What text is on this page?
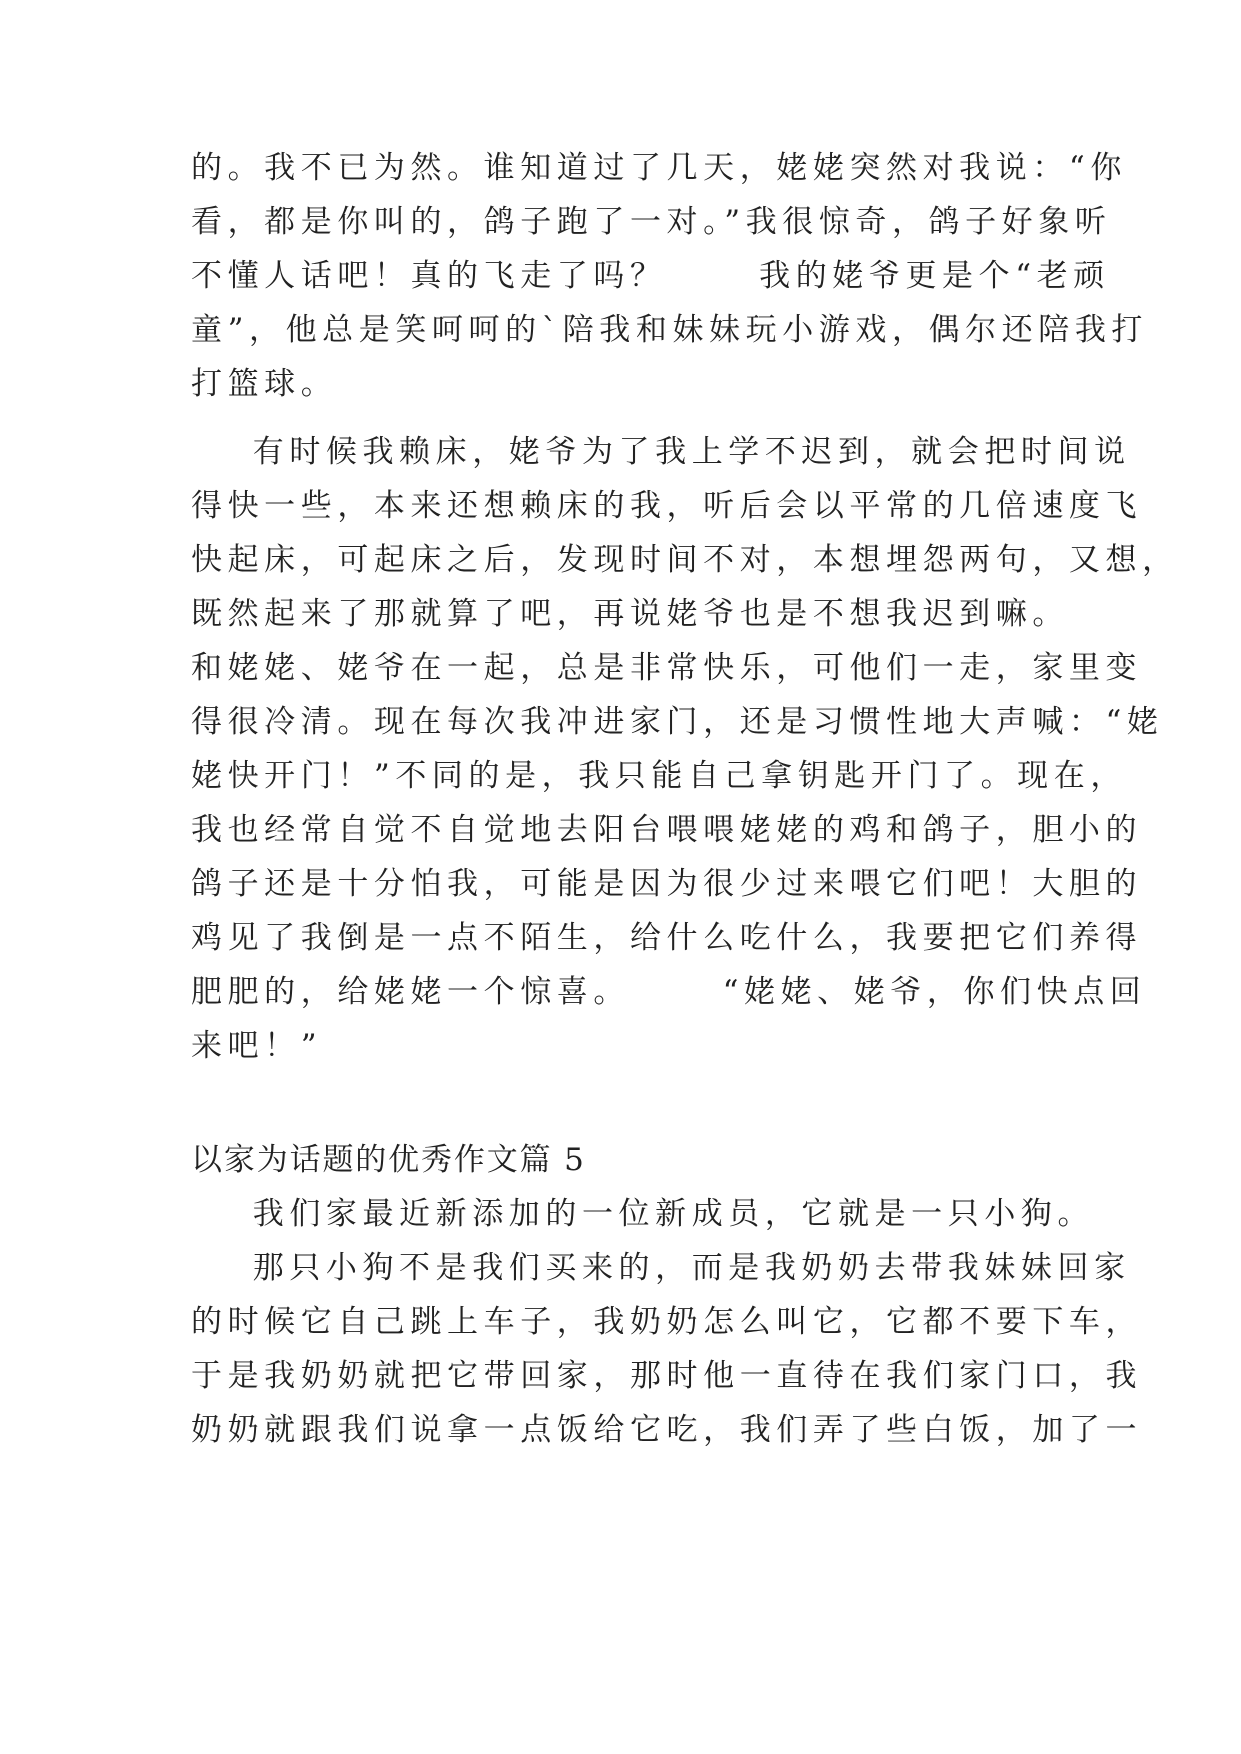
的。我不已为然。谁知道过了几天，姥姥突然对我说：“你
看，都是你叫的，鸽子跑了一对。”我很惊奇，鸽子好象听
不懂人话吧！真的飞走了吗？      我的姥爷更是个“老顽
童”，他总是笑呵呵的`陪我和妹妹玩小游戏，偶尔还陪我打
打篮球。
有时候我赖床，姥爷为了我上学不迟到，就会把时间说
得快一些，本来还想赖床的我，听后会以平常的几倍速度飞
快起床，可起床之后，发现时间不对，本想埋怨两句，又想，
既然起来了那就算了吧，再说姥爷也是不想我迟到嘛。
和姥姥、姥爷在一起，总是非常快乐，可他们一走，家里变
得很冷清。现在每次我冲进家门，还是习惯性地大声喊：“姥
姥快开门！”不同的是，我只能自己拿钥匙开门了。现在，
我也经常自觉不自觉地去阳台喂喂姥姥的鸡和鸽子，胆小的
鸽子还是十分怕我，可能是因为很少过来喂它们吧！大胆的
鸡见了我倒是一点不陌生，给什么吃什么，我要把它们养得
肥肥的，给姥姥一个惊喜。      “姥姥、姥爷，你们快点回
来吧！”
以家为话题的优秀作文篇 5
我们家最近新添加的一位新成员，它就是一只小狗。
那只小狗不是我们买来的，而是我奶奶去带我妹妹回家
的时候它自己跳上车子，我奶奶怎么叫它，它都不要下车，
于是我奶奶就把它带回家，那时他一直待在我们家门口，我
奶奶就跟我们说拿一点饭给它吃，我们弄了些白饭，加了一
